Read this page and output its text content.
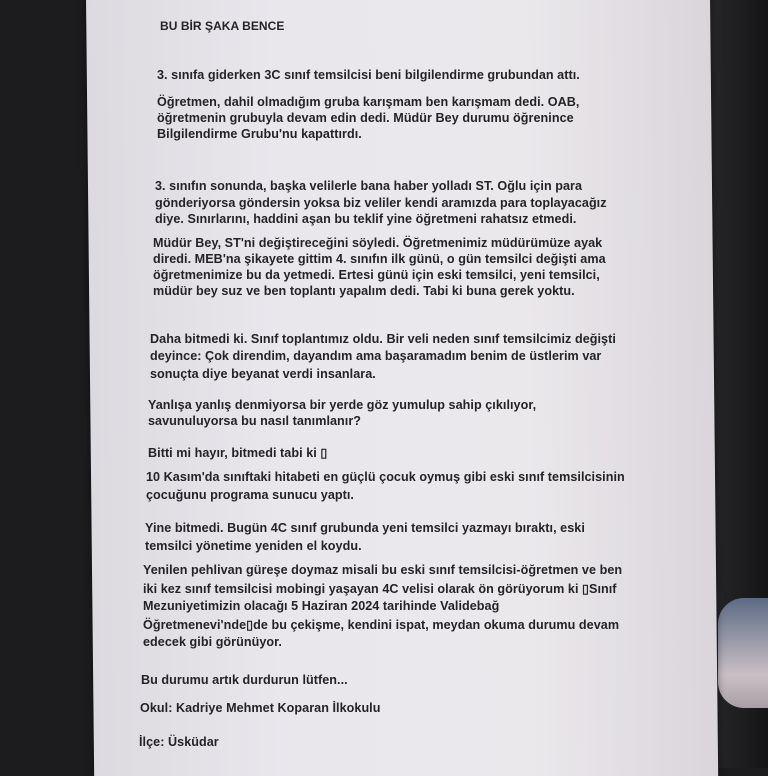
BU BİR ŞAKA BENCE
3. sınıfa giderken 3C sınıf temsilcisi beni bilgilendirme grubundan attı.
Öğretmen, dahil olmadığım gruba karışmam ben karışmam dedi. OAB,
öğretmenin grubuyla devam edin dedi. Müdür Bey durumu öğrenince
Bilgilendirme Grubu'nu kapattırdı.
3. sınıfın sonunda, başka velilerle bana haber yolladı ST. Oğlu için para
gönderiyorsa göndersin yoksa biz veliler kendi aramızda para toplayacağız
diye. Sınırlarını, haddini aşan bu teklif yine öğretmeni rahatsız etmedi.
Müdür Bey, ST'ni değiştireceğini söyledi. Öğretmenimiz müdürümüze ayak
diredi. MEB'na şikayete gittim 4. sınıfın ilk günü, o gün temsilci değişti ama
öğretmenimize bu da yetmedi. Ertesi günü için eski temsilci, yeni temsilci,
müdür bey suz ve ben toplantı yapalım dedi. Tabi ki buna gerek yoktu.
Daha bitmedi ki. Sınıf toplantımız oldu. Bir veli neden sınıf temsilcimiz değişti
deyince: Çok direndim, dayandım ama başaramadım benim de üstlerim var
sonuçta diye beyanat verdi insanlara.
Yanlışa yanlış denmiyorsa bir yerde göz yumulup sahip çıkılıyor,
savunuluyorsa bu nasıl tanımlanır?
Bitti mi hayır, bitmedi tabi ki ▯
10 Kasım'da sınıftaki hitabeti en güçlü çocuk oymuş gibi eski sınıf temsilcisinin
çocuğunu programa sunucu yaptı.
Yine bitmedi. Bugün 4C sınıf grubunda yeni temsilci yazmayı bıraktı, eski
temsilci yönetime yeniden el koydu.
Yenilen pehlivan güreşe doymaz misali bu eski sınıf temsilcisi-öğretmen ve ben
iki kez sınıf temsilcisi mobingi yaşayan 4C velisi olarak ön görüyorum ki ▯Sınıf
Mezuniyetimizin olacağı 5 Haziran 2024 tarihinde Validebağ
Öğretmenevi'nde▯de bu çekişme, kendini ispat, meydan okuma durumu devam
edecek gibi görünüyor.
Bu durumu artık durdurun lütfen...
Okul: Kadriye Mehmet Koparan İlkokulu
İlçe: Üsküdar
